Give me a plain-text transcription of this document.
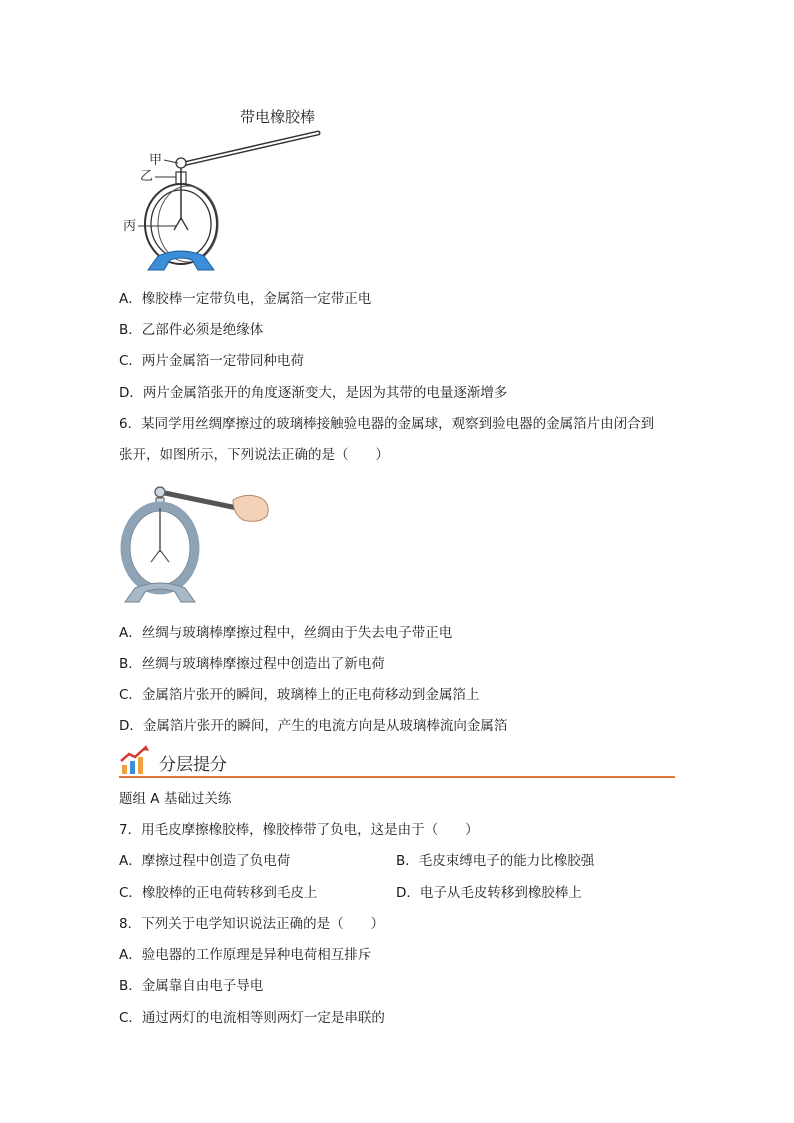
带电橡胶棒
甲
乙
丙
A．橡胶棒一定带负电，金属箔一定带正电
B．乙部件必须是绝缘体
C．两片金属箔一定带同种电荷
D．两片金属箔张开的角度逐渐变大，是因为其带的电量逐渐增多
6．某同学用丝绸摩擦过的玻璃棒接触验电器的金属球，观察到验电器的金属箔片由闭合到
张开，如图所示，下列说法正确的是（　　）
A．丝绸与玻璃棒摩擦过程中，丝绸由于失去电子带正电
B．丝绸与玻璃棒摩擦过程中创造出了新电荷
C．金属箔片张开的瞬间，玻璃棒上的正电荷移动到金属箔上
D．金属箔片张开的瞬间，产生的电流方向是从玻璃棒流向金属箔
分层提分
题组 A 基础过关练
7．用毛皮摩擦橡胶棒，橡胶棒带了负电，这是由于（　　）
A．摩擦过程中创造了负电荷	B．毛皮束缚电子的能力比橡胶强
C．橡胶棒的正电荷转移到毛皮上	D．电子从毛皮转移到橡胶棒上
8．下列关于电学知识说法正确的是（　　）
A．验电器的工作原理是异种电荷相互排斥
B．金属靠自由电子导电
C．通过两灯的电流相等则两灯一定是串联的
